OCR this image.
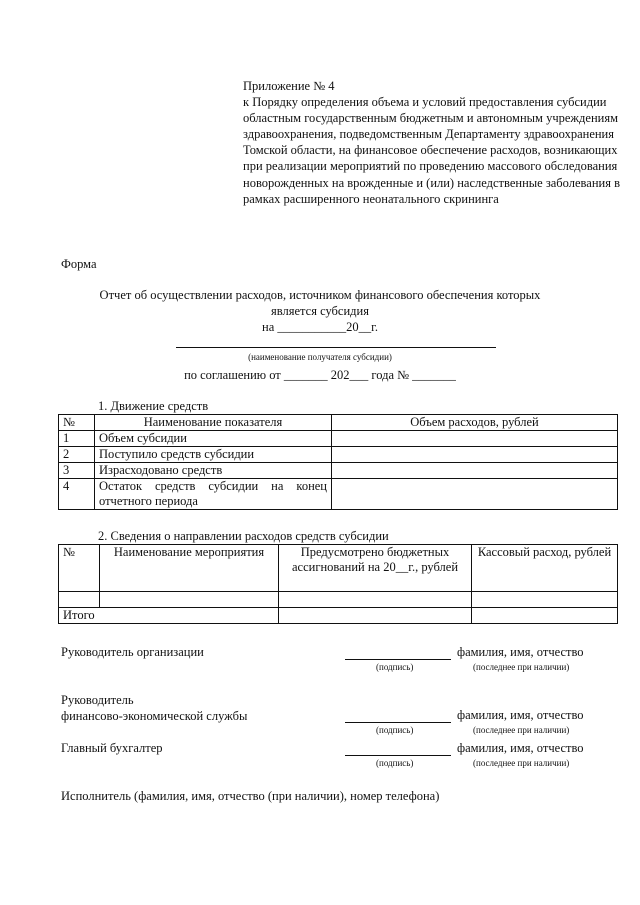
Приложение № 4
к Порядку определения объема и условий предоставления субсидии областным государственным бюджетным и автономным учреждениям здравоохранения, подведомственным Департаменту здравоохранения Томской области, на финансовое обеспечение расходов, возникающих при реализации мероприятий по проведению массового обследования новорожденных на врожденные и (или) наследственные заболевания в рамках расширенного неонатального скрининга
Форма
Отчет об осуществлении расходов, источником финансового обеспечения которых
является субсидия
на ___________20__г.
(наименование получателя субсидии)
по соглашению от _______ 202___ года № _______
1. Движение средств
№	Наименование показателя	Объем расходов, рублей
1	Объем субсидии	
2	Поступило средств субсидии	
3	Израсходовано средств	
4	Остаток средств субсидии на конец отчетного периода	
2. Сведения о направлении расходов средств субсидии
№	Наименование мероприятия	Предусмотрено бюджетных ассигнований на 20__г., рублей	Кассовый расход, рублей

Итого			
Руководитель организации	фамилия, имя, отчество
(подпись)	(последнее при наличии)
Руководитель
финансово-экономической службы	фамилия, имя, отчество
(подпись)	(последнее при наличии)
Главный бухгалтер	фамилия, имя, отчество
(подпись)	(последнее при наличии)
Исполнитель (фамилия, имя, отчество (при наличии), номер телефона)
